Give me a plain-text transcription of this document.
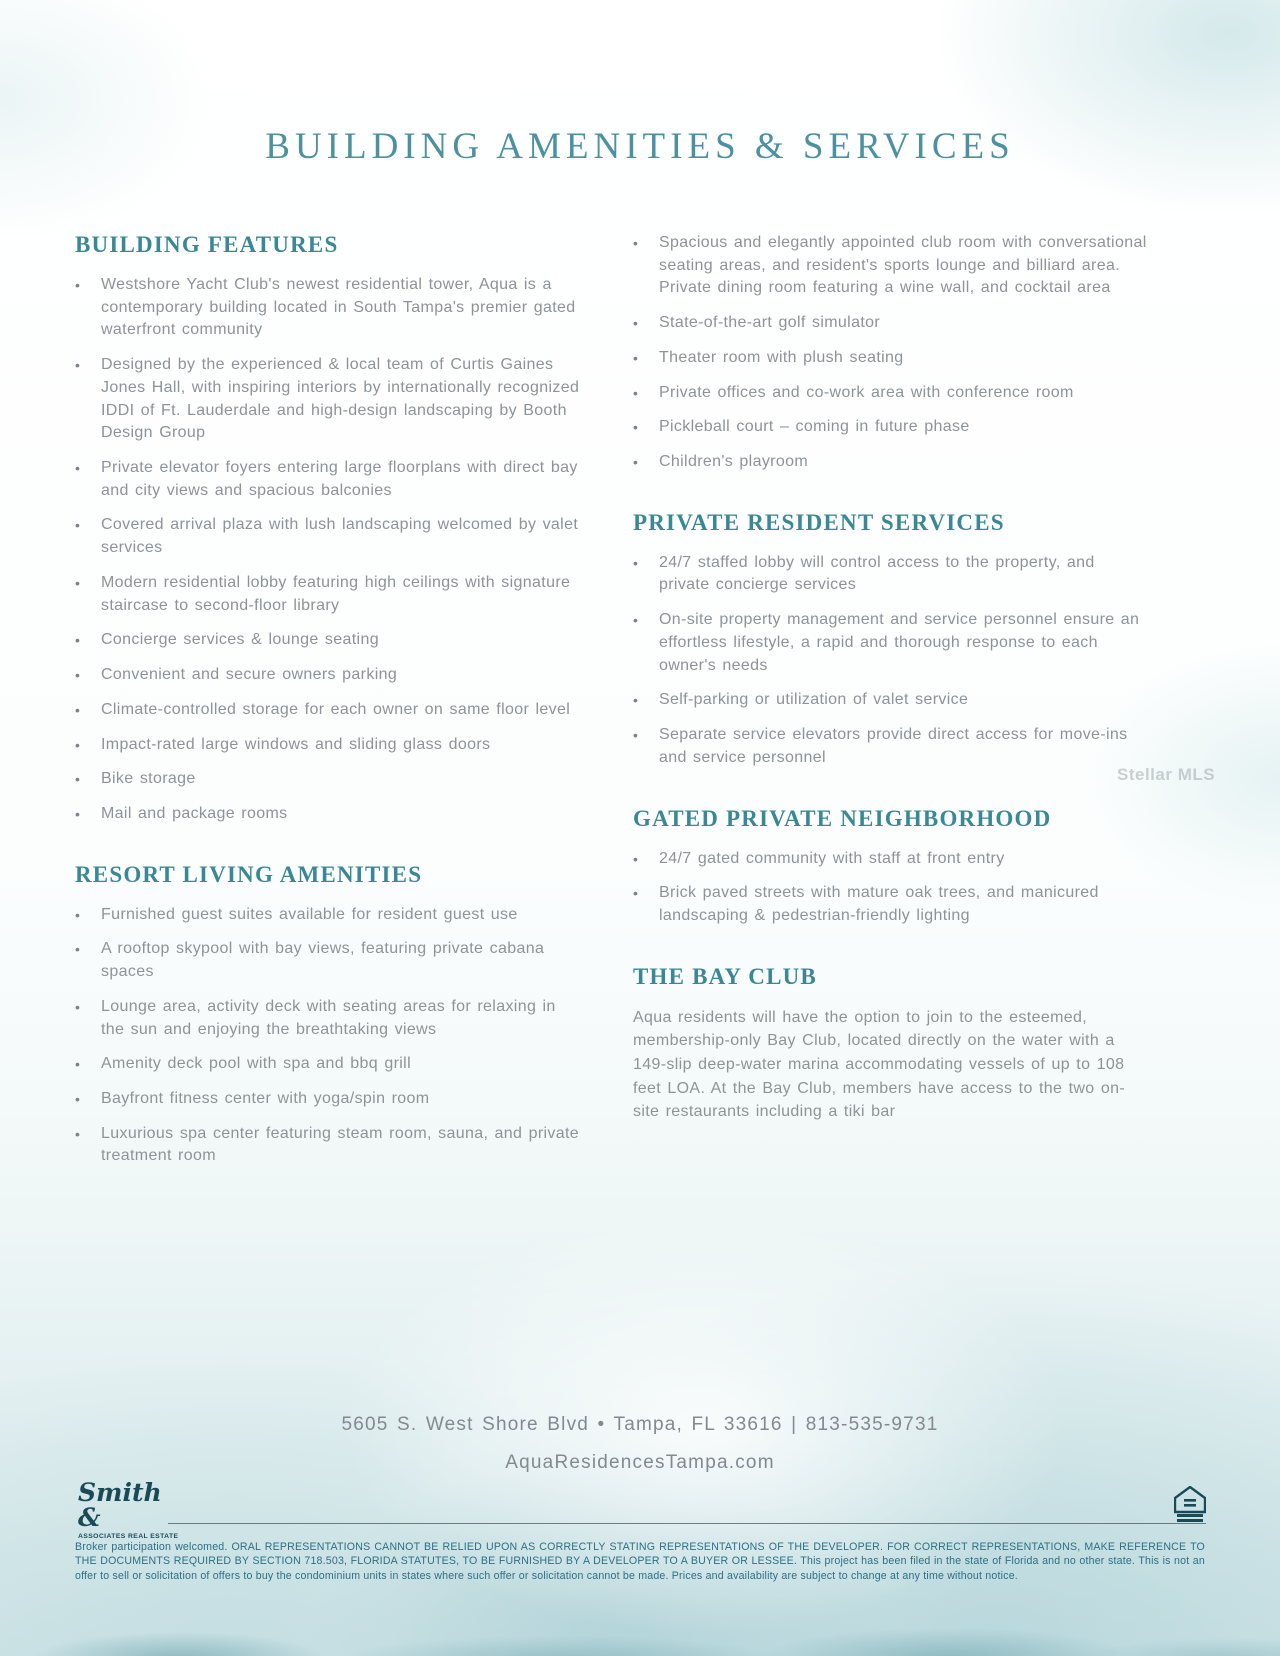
BUILDING AMENITIES & SERVICES
BUILDING FEATURES
•	Westshore Yacht Club's newest residential tower, Aqua is a contemporary building located in South Tampa's premier gated waterfront community
•	Designed by the experienced & local team of Curtis Gaines Jones Hall, with inspiring interiors by internationally recognized IDDI of Ft. Lauderdale and high-design landscaping by Booth Design Group
•	Private elevator foyers entering large floorplans with direct bay and city views and spacious balconies
•	Covered arrival plaza with lush landscaping welcomed by valet services
•	Modern residential lobby featuring high ceilings with signature staircase to second-floor library
•	Concierge services & lounge seating
•	Convenient and secure owners parking
•	Climate-controlled storage for each owner on same floor level
•	Impact-rated large windows and sliding glass doors
•	Bike storage
•	Mail and package rooms
RESORT LIVING AMENITIES
•	Furnished guest suites available for resident guest use
•	A rooftop skypool with bay views, featuring private cabana spaces
•	Lounge area, activity deck with seating areas for relaxing in the sun and enjoying the breathtaking views
•	Amenity deck pool with spa and bbq grill
•	Bayfront fitness center with yoga/spin room
•	Luxurious spa center featuring steam room, sauna, and private treatment room
•	Spacious and elegantly appointed club room with conversational seating areas, and resident's sports lounge and billiard area. Private dining room featuring a wine wall, and cocktail area
•	State-of-the-art golf simulator
•	Theater room with plush seating
•	Private offices and co-work area with conference room
•	Pickleball court – coming in future phase
•	Children's playroom
PRIVATE RESIDENT SERVICES
•	24/7 staffed lobby will control access to the property, and private concierge services
•	On-site property management and service personnel ensure an effortless lifestyle, a rapid and thorough response to each owner's needs
•	Self-parking or utilization of valet service
•	Separate service elevators provide direct access for move-ins and service personnel
GATED PRIVATE NEIGHBORHOOD
•	24/7 gated community with staff at front entry
•	Brick paved streets with mature oak trees, and manicured landscaping & pedestrian-friendly lighting
THE BAY CLUB

Aqua residents will have the option to join to the esteemed, membership-only Bay Club, located directly on the water with a 149-slip deep-water marina accommodating vessels of up to 108 feet LOA. At the Bay Club, members have access to the two on-site restaurants including a tiki bar

Stellar MLS
5605 S. West Shore Blvd • Tampa, FL 33616 | 813-535-9731
AquaResidencesTampa.com
Smith &
ASSOCIATES REAL ESTATE
Broker participation welcomed. ORAL REPRESENTATIONS CANNOT BE RELIED UPON AS CORRECTLY STATING REPRESENTATIONS OF THE DEVELOPER. FOR CORRECT REPRESENTATIONS, MAKE REFERENCE TO THE DOCUMENTS REQUIRED BY SECTION 718.503, FLORIDA STATUTES, TO BE FURNISHED BY A DEVELOPER TO A BUYER OR LESSEE. This project has been filed in the state of Florida and no other state. This is not an offer to sell or solicitation of offers to buy the condominium units in states where such offer or solicitation cannot be made. Prices and availability are subject to change at any time without notice.
